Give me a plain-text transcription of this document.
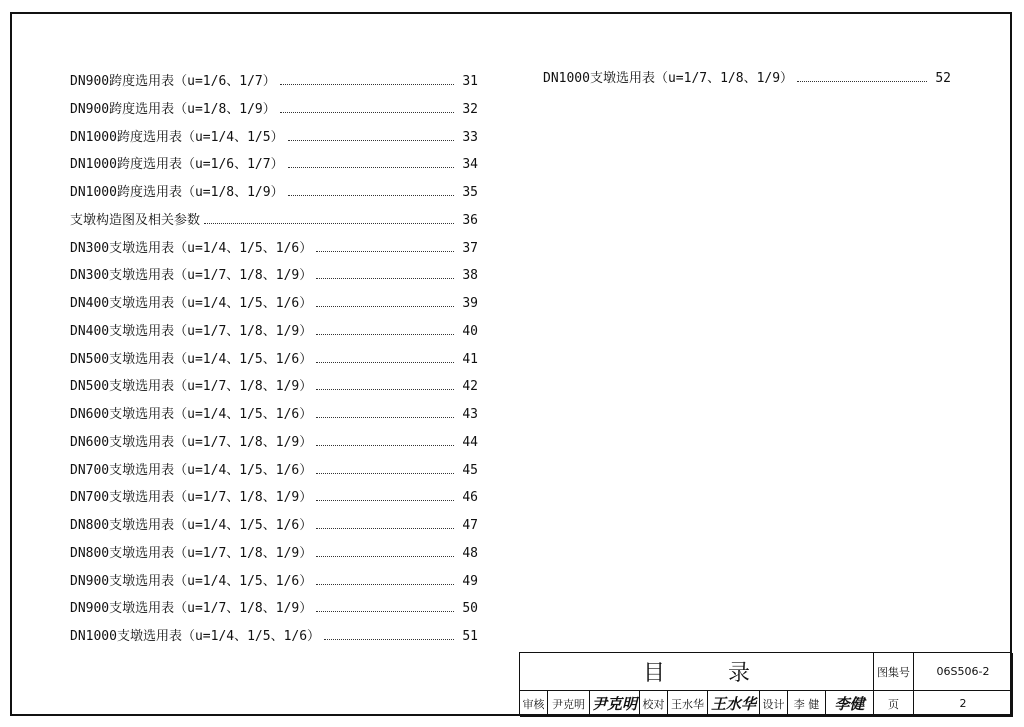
DN900跨度选用表（u=1/6、1/7）	31
DN900跨度选用表（u=1/8、1/9）	32
DN1000跨度选用表（u=1/4、1/5）	33
DN1000跨度选用表（u=1/6、1/7）	34
DN1000跨度选用表（u=1/8、1/9）	35
支墩构造图及相关参数	36
DN300支墩选用表（u=1/4、1/5、1/6）	37
DN300支墩选用表（u=1/7、1/8、1/9）	38
DN400支墩选用表（u=1/4、1/5、1/6）	39
DN400支墩选用表（u=1/7、1/8、1/9）	40
DN500支墩选用表（u=1/4、1/5、1/6）	41
DN500支墩选用表（u=1/7、1/8、1/9）	42
DN600支墩选用表（u=1/4、1/5、1/6）	43
DN600支墩选用表（u=1/7、1/8、1/9）	44
DN700支墩选用表（u=1/4、1/5、1/6）	45
DN700支墩选用表（u=1/7、1/8、1/9）	46
DN800支墩选用表（u=1/4、1/5、1/6）	47
DN800支墩选用表（u=1/7、1/8、1/9）	48
DN900支墩选用表（u=1/4、1/5、1/6）	49
DN900支墩选用表（u=1/7、1/8、1/9）	50
DN1000支墩选用表（u=1/4、1/5、1/6）	51
DN1000支墩选用表（u=1/7、1/8、1/9）	52
目 录	图集号	06S506-2
审核 尹克明 尹克明 校对 王水华 王水华 设计 李 健	李健	页	2
